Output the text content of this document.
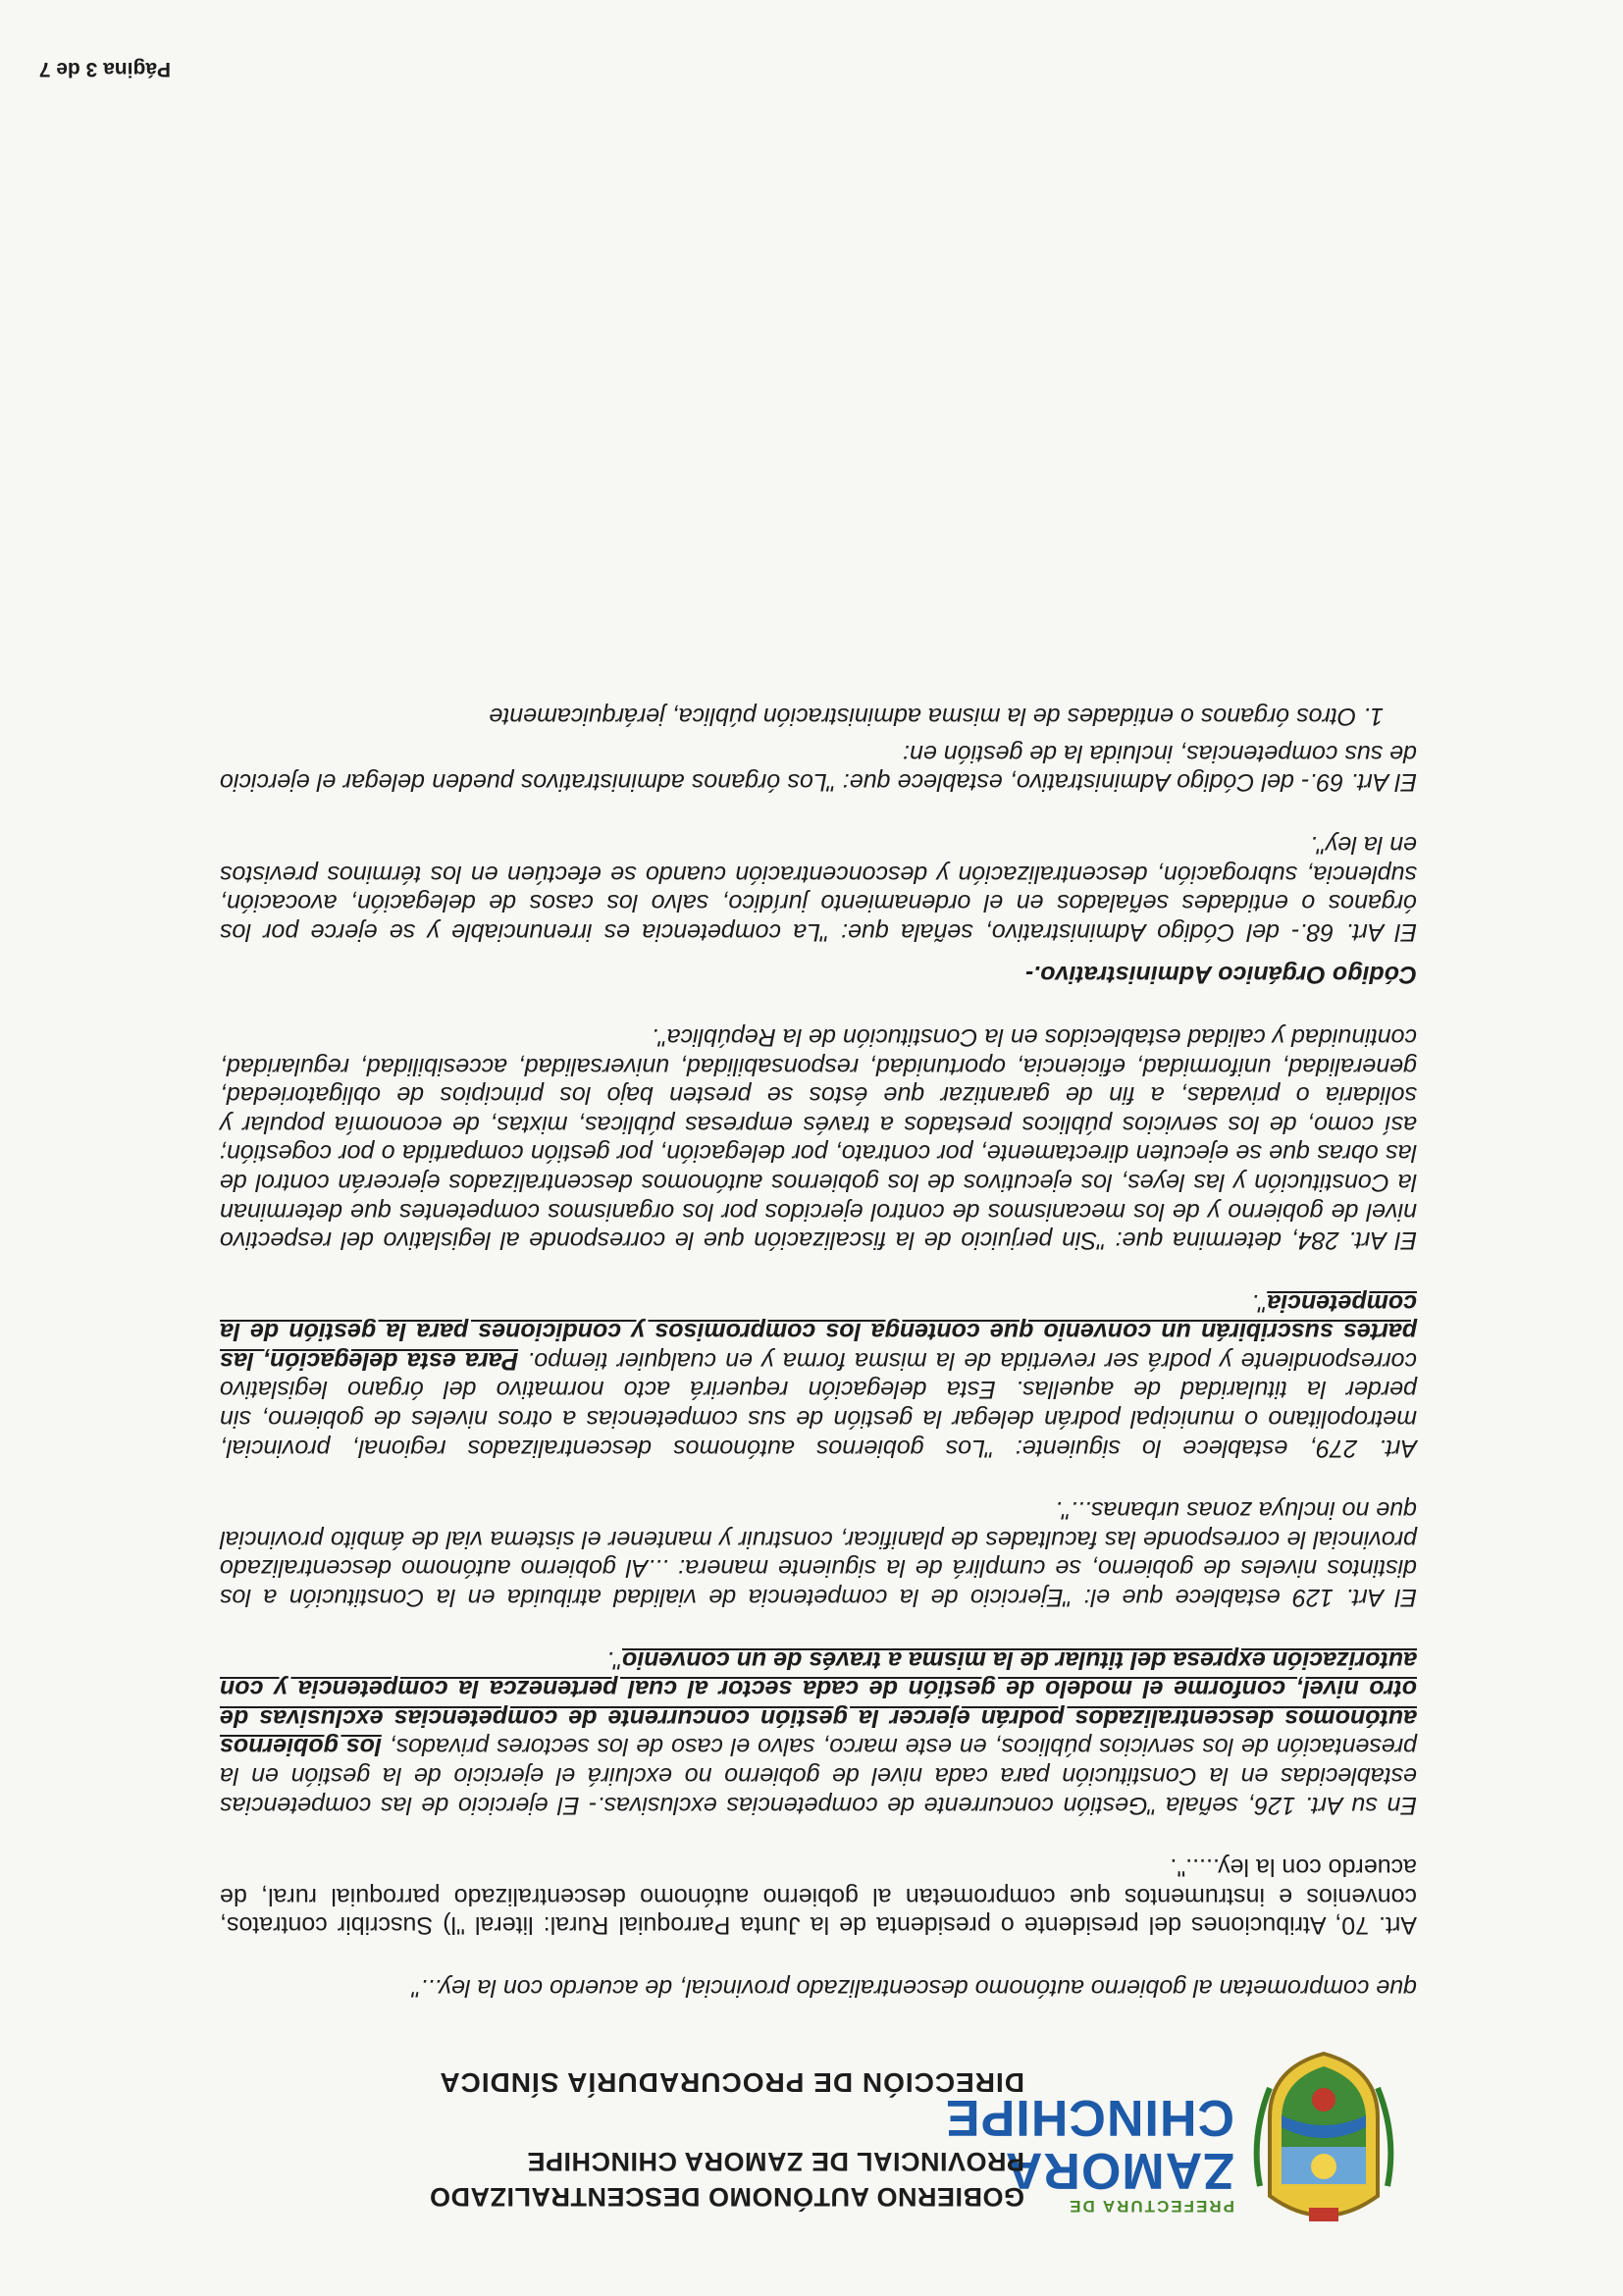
PREFECTURA DE
ZAMORA
CHINCHIPE
GOBIERNO AUTÓNOMO DESCENTRALIZADO
PROVINCIAL DE ZAMORA CHINCHIPE
DIRECCIÓN DE PROCURADURÍA SÍNDICA

que comprometan al gobierno autónomo descentralizado provincial, de acuerdo con la ley..."

Art. 70, Atribuciones del presidente o presidenta de la Junta Parroquial Rural: literal "l) Suscribir contratos, convenios e instrumentos que comprometan al gobierno autónomo descentralizado parroquial rural, de acuerdo con la ley.....".

En su Art. 126, señala "Gestión concurrente de competencias exclusivas.- El ejercicio de las competencias establecidas en la Constitución para cada nivel de gobierno no excluirá el ejercicio de la gestión en la presentación de los servicios públicos, en este marco, salvo el caso de los sectores privados, los gobiernos autónomos descentralizados podrán ejercer la gestión concurrente de competencias exclusivas de otro nivel, conforme el modelo de gestión de cada sector al cual pertenezca la competencia y con autorización expresa del titular de la misma a través de un convenio".

El Art. 129 establece que el: "Ejercicio de la competencia de vialidad atribuida en la Constitución a los distintos niveles de gobierno, se cumplirá de la siguiente manera: ...Al gobierno autónomo descentralizado provincial le corresponde las facultades de planificar, construir y mantener el sistema vial de ámbito provincial que no incluya zonas urbanas...".

Art. 279, establece lo siguiente: "Los gobiernos autónomos descentralizados regional, provincial, metropolitano o municipal podrán delegar la gestión de sus competencias a otros niveles de gobierno, sin perder la titularidad de aquellas. Esta delegación requerirá acto normativo del órgano legislativo correspondiente y podrá ser revertida de la misma forma y en cualquier tiempo. Para esta delegación, las partes suscribirán un convenio que contenga los compromisos y condiciones para la gestión de la competencia".

El Art. 284, determina que: "Sin perjuicio de la fiscalización que le corresponde al legislativo del respectivo nivel de gobierno y de los mecanismos de control ejercidos por los organismos competentes que determinan la Constitución y las leyes, los ejecutivos de los gobiernos autónomos descentralizados ejercerán control de las obras que se ejecuten directamente, por contrato, por delegación, por gestión compartida o por cogestión; así como, de los servicios públicos prestados a través empresas públicas, mixtas, de economía popular y solidaria o privadas, a fin de garantizar que éstos se presten bajo los principios de obligatoriedad, generalidad, uniformidad, eficiencia, oportunidad, responsabilidad, universalidad, accesibilidad, regularidad, continuidad y calidad establecidos en la Constitución de la República".

Código Orgánico Administrativo.-

El Art. 68.- del Código Administrativo, señala que: "La competencia es irrenunciable y se ejerce por los órganos o entidades señalados en el ordenamiento jurídico, salvo los casos de delegación, avocación, suplencia, subrogación, descentralización y desconcentración cuando se efectúen en los términos previstos en la ley".

El Art. 69.- del Código Administrativo, establece que: "Los órganos administrativos pueden delegar el ejercicio de sus competencias, incluida la de gestión en:

1. Otros órganos o entidades de la misma administración pública, jerárquicamente

Página 3 de 7
